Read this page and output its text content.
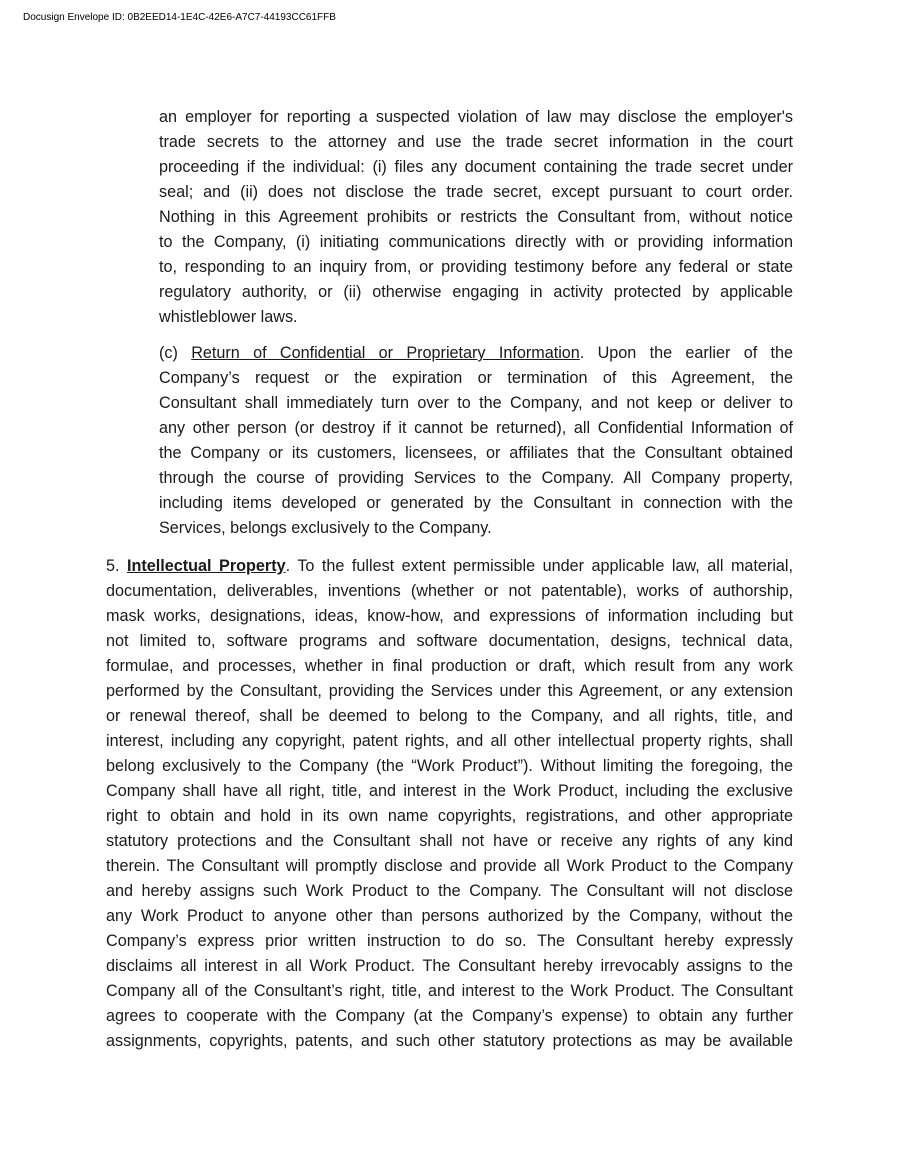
Docusign Envelope ID: 0B2EED14-1E4C-42E6-A7C7-44193CC61FFB
an employer for reporting a suspected violation of law may disclose the employer's
trade secrets to the attorney and use the trade secret information in the court
proceeding if the individual: (i) files any document containing the trade secret under
seal; and (ii) does not disclose the trade secret, except pursuant to court order.
Nothing in this Agreement prohibits or restricts the Consultant from, without notice
to the Company, (i) initiating communications directly with or providing information
to, responding to an inquiry from, or providing testimony before any federal or state
regulatory authority, or (ii) otherwise engaging in activity protected by applicable
whistleblower laws.
(c) Return of Confidential or Proprietary Information. Upon the earlier of the
Company’s request or the expiration or termination of this Agreement, the
Consultant shall immediately turn over to the Company, and not keep or deliver to
any other person (or destroy if it cannot be returned), all Confidential Information of
the Company or its customers, licensees, or affiliates that the Consultant obtained
through the course of providing Services to the Company. All Company property,
including items developed or generated by the Consultant in connection with the
Services, belongs exclusively to the Company.
5. Intellectual Property. To the fullest extent permissible under applicable law, all material,
documentation, deliverables, inventions (whether or not patentable), works of authorship,
mask works, designations, ideas, know-how, and expressions of information including but
not limited to, software programs and software documentation, designs, technical data,
formulae, and processes, whether in final production or draft, which result from any work
performed by the Consultant, providing the Services under this Agreement, or any extension
or renewal thereof, shall be deemed to belong to the Company, and all rights, title, and
interest, including any copyright, patent rights, and all other intellectual property rights, shall
belong exclusively to the Company (the “Work Product”). Without limiting the foregoing, the
Company shall have all right, title, and interest in the Work Product, including the exclusive
right to obtain and hold in its own name copyrights, registrations, and other appropriate
statutory protections and the Consultant shall not have or receive any rights of any kind
therein. The Consultant will promptly disclose and provide all Work Product to the Company
and hereby assigns such Work Product to the Company. The Consultant will not disclose
any Work Product to anyone other than persons authorized by the Company, without the
Company’s express prior written instruction to do so. The Consultant hereby expressly
disclaims all interest in all Work Product. The Consultant hereby irrevocably assigns to the
Company all of the Consultant’s right, title, and interest to the Work Product. The Consultant
agrees to cooperate with the Company (at the Company’s expense) to obtain any further
assignments, copyrights, patents, and such other statutory protections as may be available
